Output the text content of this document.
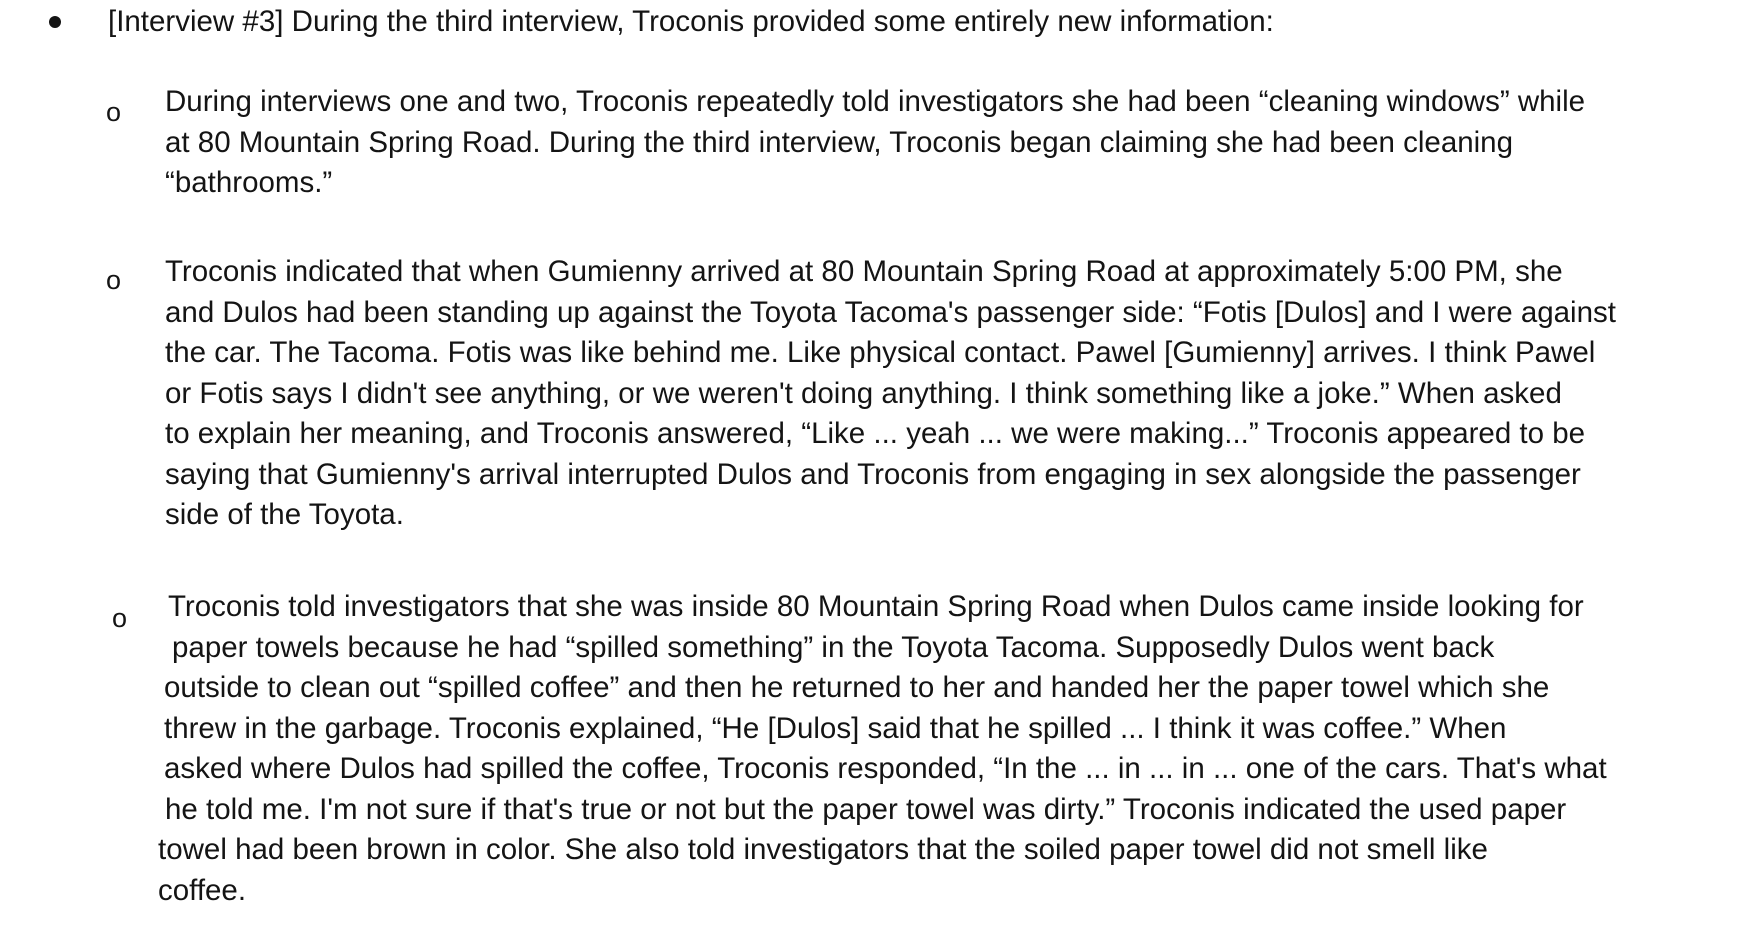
[Interview #3] During the third interview, Troconis provided some entirely new information:
o During interviews one and two, Troconis repeatedly told investigators she had been “cleaning windows” while
at 80 Mountain Spring Road. During the third interview, Troconis began claiming she had been cleaning
“bathrooms.”
o Troconis indicated that when Gumienny arrived at 80 Mountain Spring Road at approximately 5:00 PM, she
and Dulos had been standing up against the Toyota Tacoma's passenger side: “Fotis [Dulos] and I were against
the car. The Tacoma. Fotis was like behind me. Like physical contact. Pawel [Gumienny] arrives. I think Pawel
or Fotis says I didn't see anything, or we weren't doing anything. I think something like a joke.” When asked
to explain her meaning, and Troconis answered, “Like ... yeah ... we were making...” Troconis appeared to be
saying that Gumienny's arrival interrupted Dulos and Troconis from engaging in sex alongside the passenger
side of the Toyota.
o Troconis told investigators that she was inside 80 Mountain Spring Road when Dulos came inside looking for
paper towels because he had “spilled something” in the Toyota Tacoma. Supposedly Dulos went back
outside to clean out “spilled coffee” and then he returned to her and handed her the paper towel which she
threw in the garbage. Troconis explained, “He [Dulos] said that he spilled ... I think it was coffee.” When
asked where Dulos had spilled the coffee, Troconis responded, “In the ... in ... in ... one of the cars. That's what
he told me. I'm not sure if that's true or not but the paper towel was dirty.” Troconis indicated the used paper
towel had been brown in color. She also told investigators that the soiled paper towel did not smell like
coffee.
